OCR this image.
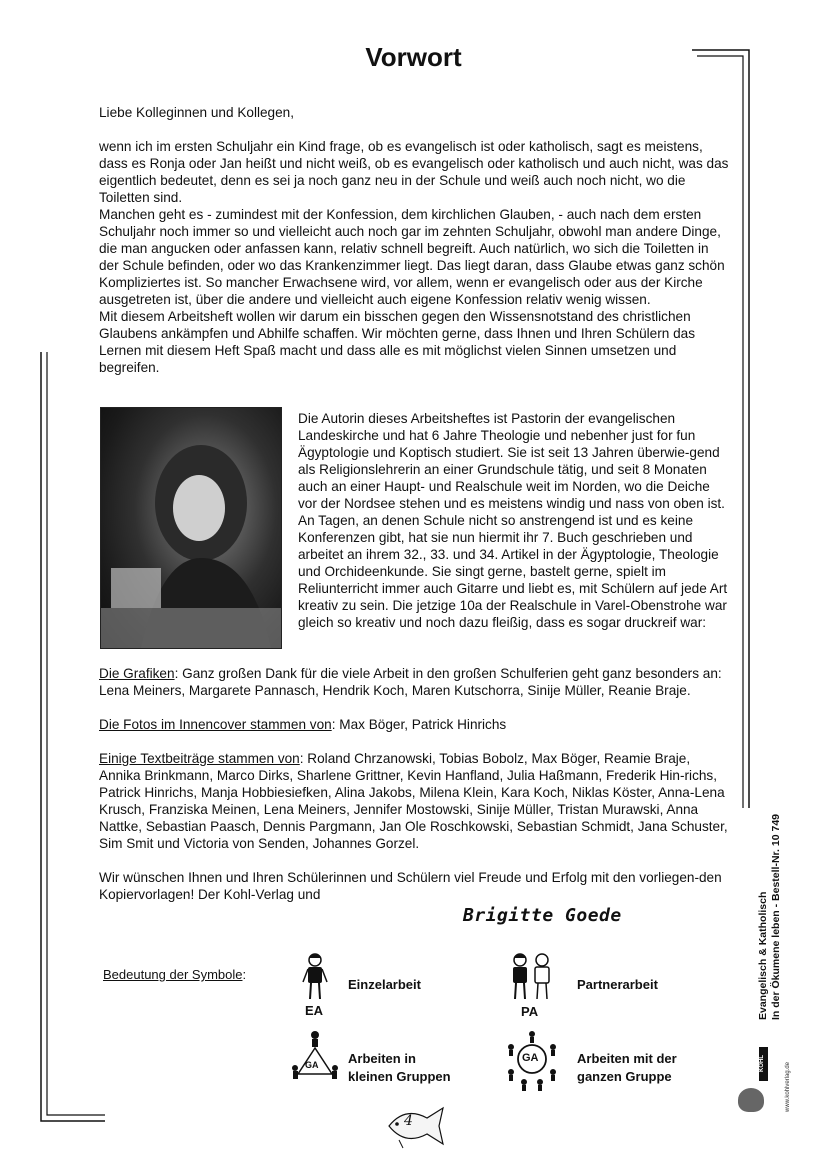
Vorwort

Liebe Kolleginnen und Kollegen,

wenn ich im ersten Schuljahr ein Kind frage, ob es evangelisch ist oder katholisch, sagt es meistens, dass es Ronja oder Jan heißt und nicht weiß, ob es evangelisch oder katholisch und auch nicht, was das eigentlich bedeutet, denn es sei ja noch ganz neu in der Schule und weiß auch noch nicht, wo die Toiletten sind.

Manchen geht es - zumindest mit der Konfession, dem kirchlichen Glauben, - auch nach dem ersten Schuljahr noch immer so und vielleicht auch noch gar im zehnten Schuljahr, obwohl man andere Dinge, die man angucken oder anfassen kann, relativ schnell begreift. Auch natürlich, wo sich die Toiletten in der Schule befinden, oder wo das Krankenzimmer liegt. Das liegt daran, dass Glaube etwas ganz schön Kompliziertes ist. So mancher Erwachsene wird, vor allem, wenn er evangelisch oder aus der Kirche ausgetreten ist, über die andere und vielleicht auch eigene Konfession relativ wenig wissen.

Mit diesem Arbeitsheft wollen wir darum ein bisschen gegen den Wissensnotstand des christlichen Glaubens ankämpfen und Abhilfe schaffen. Wir möchten gerne, dass Ihnen und Ihren Schülern das Lernen mit diesem Heft Spaß macht und dass alle es mit möglichst vielen Sinnen umsetzen und begreifen.

Die Autorin dieses Arbeitsheftes ist Pastorin der evangelischen Landeskirche und hat 6 Jahre Theologie und nebenher just for fun Ägyptologie und Koptisch studiert. Sie ist seit 13 Jahren überwie-gend als Religionslehrerin an einer Grundschule tätig, und seit 8 Monaten auch an einer Haupt- und Realschule weit im Norden, wo die Deiche vor der Nordsee stehen und es meistens windig und nass von oben ist. An Tagen, an denen Schule nicht so anstrengend ist und es keine Konferenzen gibt, hat sie nun hiermit ihr 7. Buch geschrieben und arbeitet an ihrem 32., 33. und 34. Artikel in der Ägyptologie, Theologie und Orchideenkunde. Sie singt gerne, bastelt gerne, spielt im Reliunterricht immer auch Gitarre und liebt es, mit Schülern auf jede Art kreativ zu sein. Die jetzige 10a der Realschule in Varel-Obenstrohe war gleich so kreativ und noch dazu fleißig, dass es sogar druckreif war:

Die Grafiken: Ganz großen Dank für die viele Arbeit in den großen Schulferien geht ganz besonders an: Lena Meiners, Margarete Pannasch, Hendrik Koch, Maren Kutschorra, Sinije Müller, Reanie Braje.

Die Fotos im Innencover stammen von: Max Böger, Patrick Hinrichs

Einige Textbeiträge stammen von: Roland Chrzanowski, Tobias Bobolz, Max Böger, Reamie Braje, Annika Brinkmann, Marco Dirks, Sharlene Grittner, Kevin Hanfland, Julia Haßmann, Frederik Hin-richs, Patrick Hinrichs, Manja Hobbiesiefken, Alina Jakobs, Milena Klein, Kara Koch, Niklas Köster, Anna-Lena Krusch, Franziska Meinen, Lena Meiners, Jennifer Mostowski, Sinije Müller, Tristan Murawski, Anna Nattke, Sebastian Paasch, Dennis Pargmann, Jan Ole Roschkowski, Sebastian Schmidt, Jana Schuster, Sim Smit und Victoria von Senden, Johannes Gorzel.

Wir wünschen Ihnen und Ihren Schülerinnen und Schülern viel Freude und Erfolg mit den vorliegen-den Kopiervorlagen! Der Kohl-Verlag und

Brigitte Goede
Bedeutung der Symbole:
EA
Einzelarbeit
PA
Partnerarbeit
GA Arbeiten in
kleinen Gruppen
GA	Arbeiten mit der
ganzen Gruppe
4
Evangelisch & Katholisch In der Ökumene leben - Bestell-Nr. 10 749
KOHL	www.kohlverlag.de
